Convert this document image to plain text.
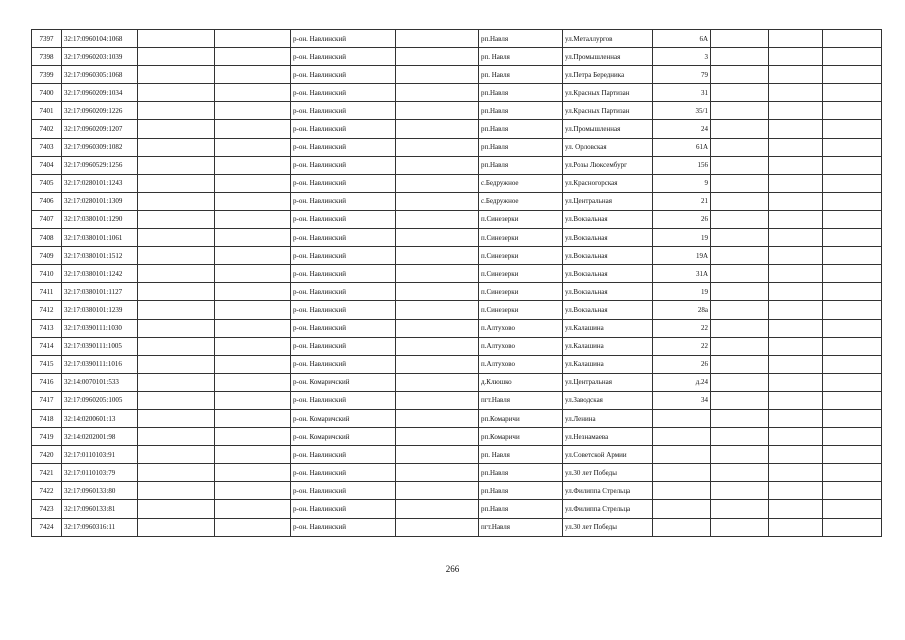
7397	32:17:0960104:1068			р-он. Навлинский		рп.Навля	ул.Металлургов	6А			
7398	32:17:0960203:1039			р-он. Навлинский		рп. Навля	ул.Промышленная	3			
7399	32:17:0960305:1068			р-он. Навлинский		рп. Навля	ул.Петра Бередника	79			
7400	32:17:0960209:1034			р-он. Навлинский		рп.Навля	ул.Красных Партизан	31			
7401	32:17:0960209:1226			р-он. Навлинский		рп.Навля	ул.Красных Партизан	35/1			
7402	32:17:0960209:1207			р-он. Навлинский		рп.Навля	ул.Промышленная	24			
7403	32:17:0960309:1082			р-он. Навлинский		рп.Навля	ул. Орловская	61А			
7404	32:17:0960529:1256			р-он. Навлинский		рп.Навля	ул.Розы Люксембург	156			
7405	32:17:0280101:1243			р-он. Навлинский		с.Бедружное	ул.Красногорская	9			
7406	32:17:0280101:1309			р-он. Навлинский		с.Бедружное	ул.Центральная	21			
7407	32:17:0380101:1290			р-он. Навлинский		п.Синезерки	ул.Вокзальная	26			
7408	32:17:0380101:1061			р-он. Навлинский		п.Синезерки	ул.Вокзальная	19			
7409	32:17:0380101:1512			р-он. Навлинский		п.Синезерки	ул.Вокзальная	19А			
7410	32:17:0380101:1242			р-он. Навлинский		п.Синезерки	ул.Вокзальная	31А			
7411	32:17:0380101:1127			р-он. Навлинский		п.Синезерки	ул.Вокзальная	19			
7412	32:17:0380101:1239			р-он. Навлинский		п.Синезерки	ул.Вокзальная	28а			
7413	32:17:0390111:1030			р-он. Навлинский		п.Алтухово	ул.Калашина	22			
7414	32:17:0390111:1005			р-он. Навлинский		п.Алтухово	ул.Калашина	22			
7415	32:17:0390111:1016			р-он. Навлинский		п.Алтухово	ул.Калашина	26			
7416	32:14:0070101:533			р-он. Комаричский		д.Клюшко	ул.Центральная	д.24			
7417	32:17:0960205:1005			р-он. Навлинский		пгт.Навля	ул.Заводская	34			
7418	32:14:0200601:13			р-он. Комаричский		рп.Комаричи	ул.Ленина				
7419	32:14:0202001:98			р-он. Комаричский		рп.Комаричи	ул.Незнамаева				
7420	32:17:0110103:91			р-он. Навлинский		рп. Навля	ул.Советской Армии				
7421	32:17:0110103:79			р-он. Навлинский		рп.Навля	ул.30 лет Победы				
7422	32:17:0960133:80			р-он. Навлинский		рп.Навля	ул.Филиппа Стрельца				
7423	32:17:0960133:81			р-он. Навлинский		рп.Навля	ул.Филиппа Стрельца				
7424	32:17:0960316:11			р-он. Навлинский		пгт.Навля	ул.30 лет Победы				
266
